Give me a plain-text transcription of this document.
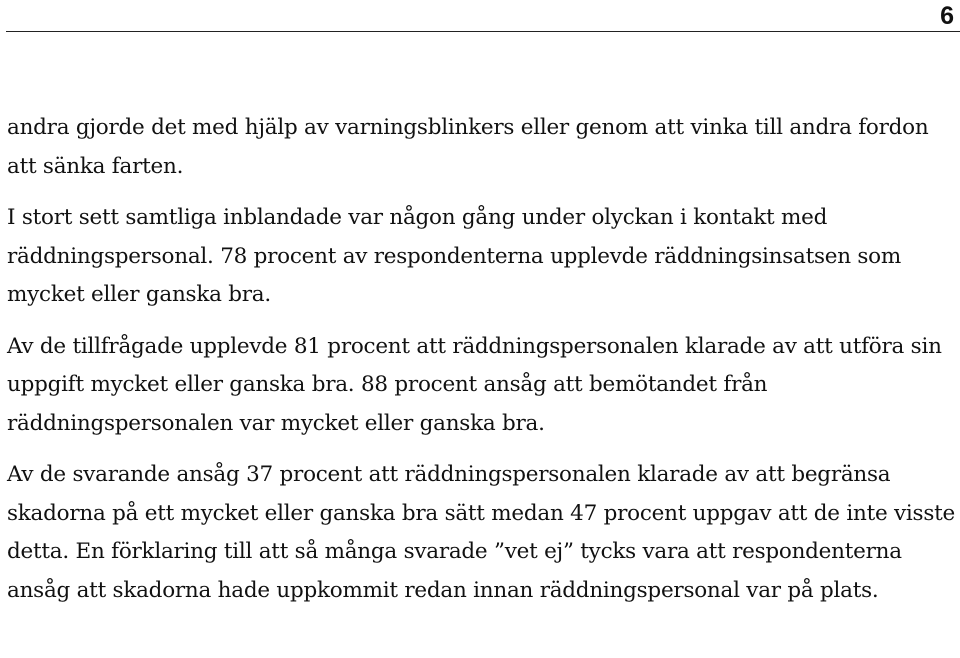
6

andra gjorde det med hjälp av varningsblinkers eller genom att vinka till andra fordon att sänka farten.

I stort sett samtliga inblandade var någon gång under olyckan i kontakt med räddningspersonal. 78 procent av respondenterna upplevde räddningsinsatsen som mycket eller ganska bra.

Av de tillfrågade upplevde 81 procent att räddningspersonalen klarade av att utföra sin uppgift mycket eller ganska bra. 88 procent ansåg att bemötandet från räddningspersonalen var mycket eller ganska bra.

Av de svarande ansåg 37 procent att räddningspersonalen klarade av att begränsa skadorna på ett mycket eller ganska bra sätt medan 47 procent uppgav att de inte visste detta. En förklaring till att så många svarade ”vet ej” tycks vara att respondenterna ansåg att skadorna hade uppkommit redan innan räddningspersonal var på plats.
